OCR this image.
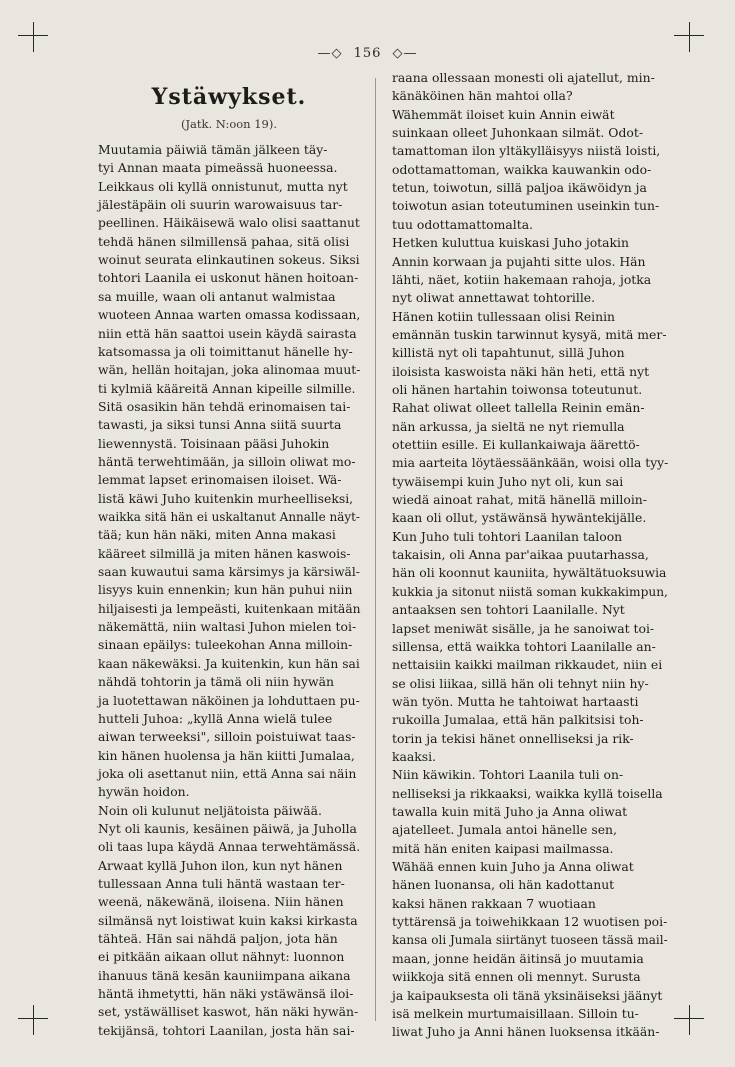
—◇ 156 ◇—
Ystäwykset.
(Jatk. N:oon 19).
Muutamia päiwiä tämän jälkeen täy-
tyi Annan maata pimeässä huoneessa.
Leikkaus oli kyllä onnistunut, mutta nyt
jälestäpäin oli suurin warowaisuus tar-
peellinen. Häikäisewä walo olisi saattanut
tehdä hänen silmillensä pahaa, sitä olisi
woinut seurata elinkautinen sokeus. Siksi
tohtori Laanila ei uskonut hänen hoitoan-
sa muille, waan oli antanut walmistaa
wuoteen Annaa warten omassa kodissaan,
niin että hän saattoi usein käydä sairasta
katsomassa ja oli toimittanut hänelle hy-
wän, hellän hoitajan, joka alinomaa muut-
ti kylmiä kääreitä Annan kipeille silmille.
Sitä osasikin hän tehdä erinomaisen tai-
tawasti, ja siksi tunsi Anna siitä suurta
liewennystä. Toisinaan pääsi Juhokin
häntä terwehtimään, ja silloin oliwat mo-
lemmat lapset erinomaisen iloiset. Wä-
listä käwi Juho kuitenkin murheelliseksi,
waikka sitä hän ei uskaltanut Annalle näyt-
tää; kun hän näki, miten Anna makasi
kääreet silmillä ja miten hänen kaswois-
saan kuwautui sama kärsimys ja kärsiwäl-
lisyys kuin ennenkin; kun hän puhui niin
hiljaisesti ja lempeästi, kuitenkaan mitään
näkemättä, niin waltasi Juhon mielen toi-
sinaan epäilys: tuleekohan Anna milloin-
kaan näkewäksi. Ja kuitenkin, kun hän sai
nähdä tohtorin ja tämä oli niin hywän
ja luotettawan näköinen ja lohduttaen pu-
hutteli Juhoa: „kyllä Anna wielä tulee
aiwan terweeksi", silloin poistuiwat taas-
kin hänen huolensa ja hän kiitti Jumalaa,
joka oli asettanut niin, että Anna sai näin
hywän hoidon.
Noin oli kulunut neljätoista päiwää.
Nyt oli kaunis, kesäinen päiwä, ja Juholla
oli taas lupa käydä Annaa terwehtämässä.
Arwaat kyllä Juhon ilon, kun nyt hänen
tullessaan Anna tuli häntä wastaan ter-
weenä, näkewänä, iloisena. Niin hänen
silmänsä nyt loistiwat kuin kaksi kirkasta
tähteä. Hän sai nähdä paljon, jota hän
ei pitkään aikaan ollut nähnyt: luonnon
ihanuus tänä kesän kauniimpana aikana
häntä ihmetytti, hän näki ystäwänsä iloi-
set, ystäwälliset kaswot, hän näki hywän-
tekijänsä, tohtori Laanilan, josta hän sai-
raana ollessaan monesti oli ajatellut, min-
känäköinen hän mahtoi olla?
Wähemmät iloiset kuin Annin eiwät
suinkaan olleet Juhonkaan silmät. Odot-
tamattoman ilon yltäkylläisyys niistä loisti,
odottamattoman, waikka kauwankin odo-
tetun, toiwotun, sillä paljoa ikäwöidyn ja
toiwotun asian toteutuminen useinkin tun-
tuu odottamattomalta.
Hetken kuluttua kuiskasi Juho jotakin
Annin korwaan ja pujahti sitte ulos. Hän
lähti, näet, kotiin hakemaan rahoja, jotka
nyt oliwat annettawat tohtorille.
Hänen kotiin tullessaan olisi Reinin
emännän tuskin tarwinnut kysyä, mitä mer-
killistä nyt oli tapahtunut, sillä Juhon
iloisista kaswoista näki hän heti, että nyt
oli hänen hartahin toiwonsa toteutunut.
Rahat oliwat olleet tallella Reinin emän-
nän arkussa, ja sieltä ne nyt riemulla
otettiin esille. Ei kullankaiwaja äärettö-
mia aarteita löytäessäänkään, woisi olla tyy-
tywäisempi kuin Juho nyt oli, kun sai
wiedä ainoat rahat, mitä hänellä milloin-
kaan oli ollut, ystäwänsä hywäntekijälle.
Kun Juho tuli tohtori Laanilan taloon
takaisin, oli Anna par'aikaa puutarhassa,
hän oli koonnut kauniita, hywältätuoksuwia
kukkia ja sitonut niistä soman kukkakimpun,
antaaksen sen tohtori Laanilalle. Nyt
lapset meniwät sisälle, ja he sanoiwat toi-
sillensa, että waikka tohtori Laanilalle an-
nettaisiin kaikki mailman rikkaudet, niin ei
se olisi liikaa, sillä hän oli tehnyt niin hy-
wän työn. Mutta he tahtoiwat hartaasti
rukoilla Jumalaa, että hän palkitsisi toh-
torin ja tekisi hänet onnelliseksi ja rik-
kaaksi.
Niin käwikin. Tohtori Laanila tuli on-
nelliseksi ja rikkaaksi, waikka kyllä toisella
tawalla kuin mitä Juho ja Anna oliwat
ajatelleet. Jumala antoi hänelle sen,
mitä hän eniten kaipasi mailmassa.
Wähää ennen kuin Juho ja Anna oliwat
hänen luonansa, oli hän kadottanut
kaksi hänen rakkaan 7 wuotiaan
tyttärensä ja toiwehikkaan 12 wuotisen poi-
kansa oli Jumala siirtänyt tuoseen tässä mail-
maan, jonne heidän äitinsä jo muutamia
wiikkoja sitä ennen oli mennyt. Surusta
ja kaipauksesta oli tänä yksinäiseksi jäänyt
isä melkein murtumaisillaan. Silloin tu-
liwat Juho ja Anni hänen luoksensa itkään-
